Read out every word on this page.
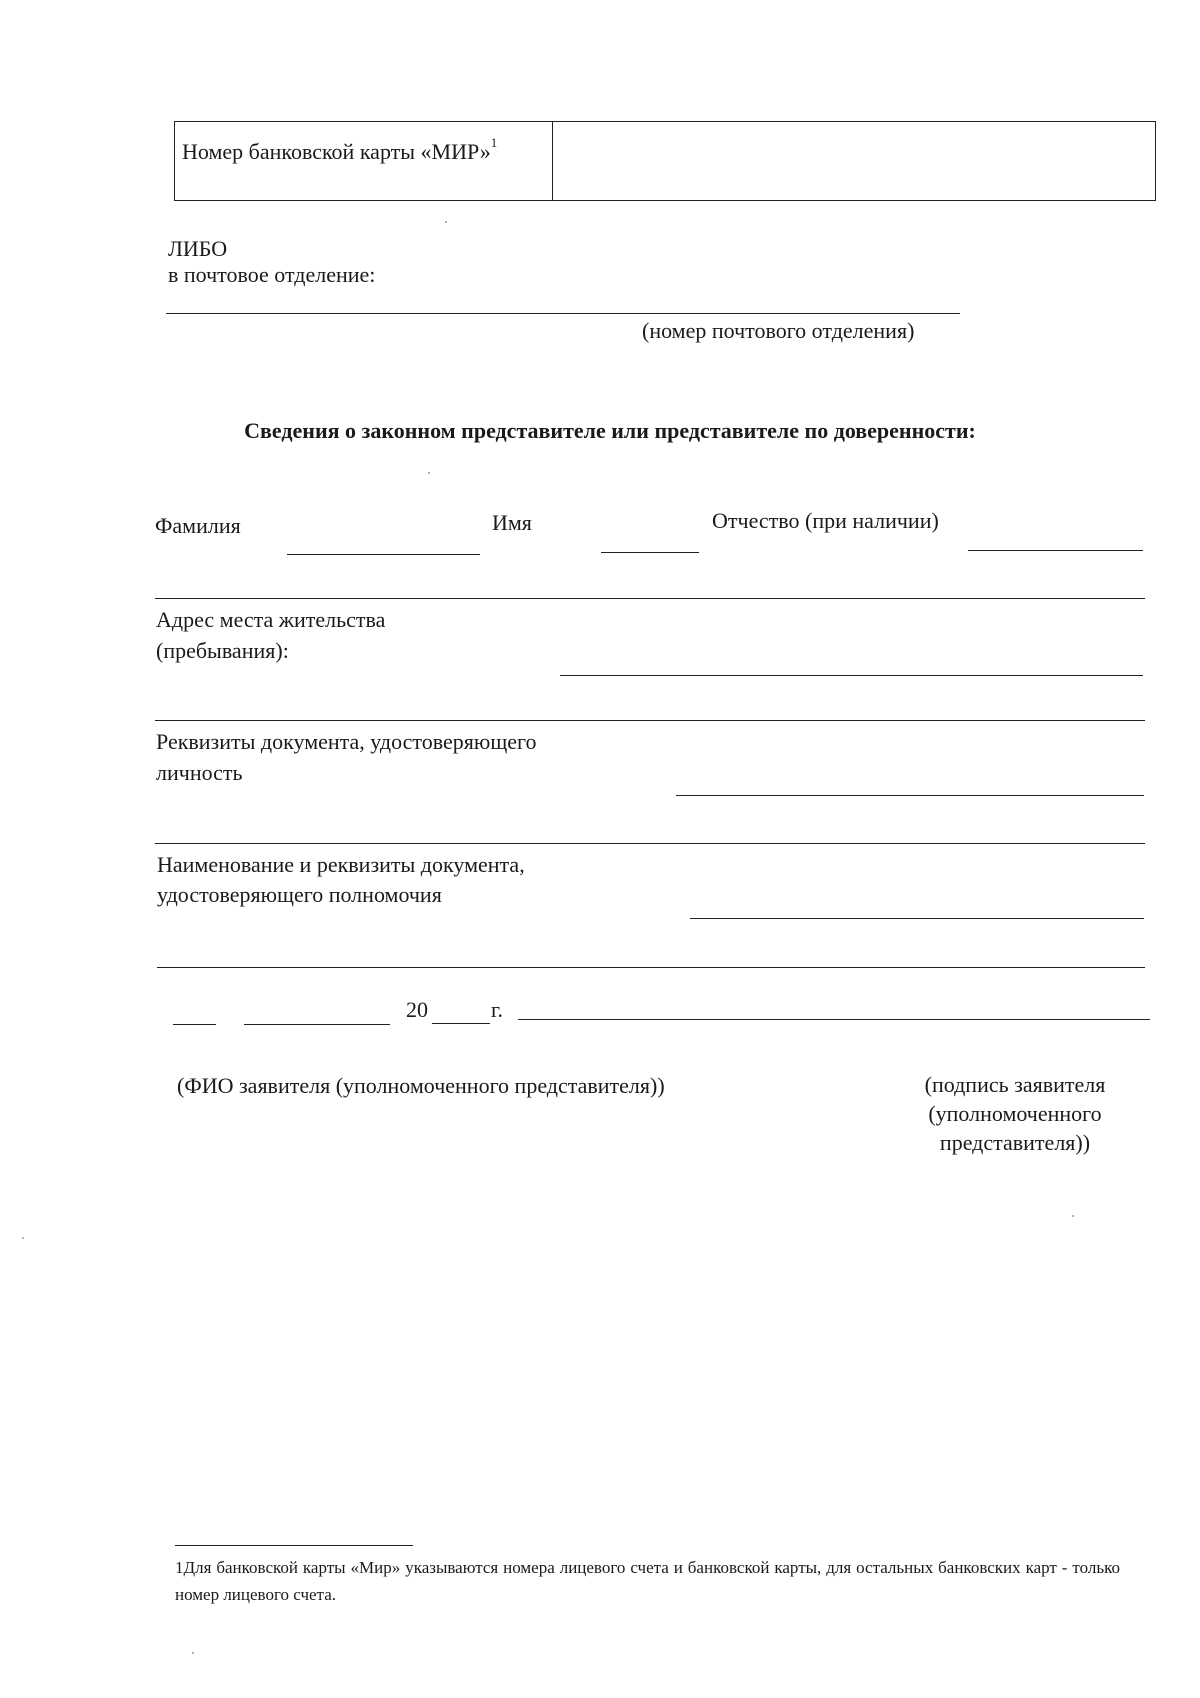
Номер банковской карты «МИР»$^1$
ЛИБО
в почтовое отделение:
(номер почтового отделения)
Сведения о законном представителе или представителе по доверенности:
Фамилия	Имя	Отчество (при наличии)
Адрес места жительства
(пребывания):
Реквизиты документа, удостоверяющего
личность
Наименование и реквизиты документа,
удостоверяющего полномочия
20	г.
(ФИО заявителя (уполномоченного представителя))	(подпись заявителя
(уполномоченного
представителя))
1Для банковской карты «Мир» указываются номера лицевого счета и банковской карты, для остальных банковских карт - только номер лицевого счета.
